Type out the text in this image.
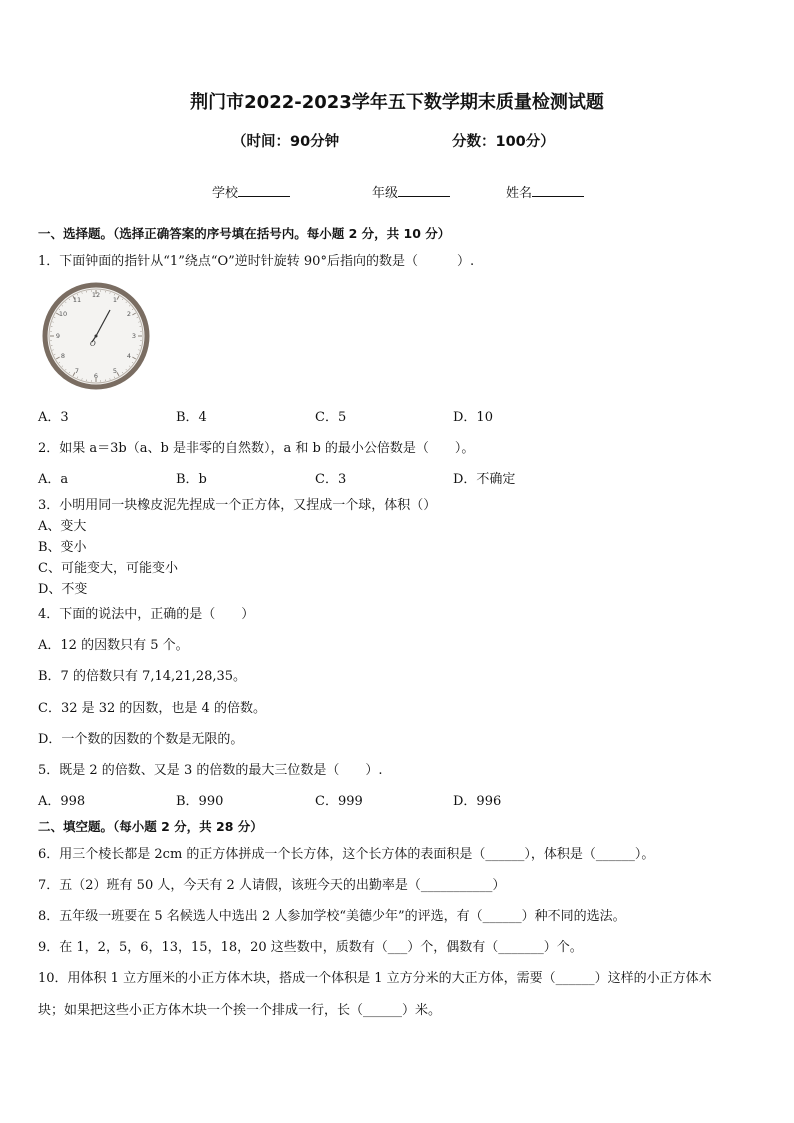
荆门市2022-2023学年五下数学期末质量检测试题
（时间：90分钟	分数：100分）
学校	年级	姓名
一、选择题。（选择正确答案的序号填在括号内。每小题 2 分，共 10 分）
1．下面钟面的指针从“1”绕点“O”逆时针旋转 90°后指向的数是（　　　）.
12
1
2
3
4
5
6
7
8
9
10
11
O
A．3	B．4	C．5	D．10
2．如果 a＝3b（a、b 是非零的自然数），a 和 b 的最小公倍数是（　　）。
A．a	B．b	C．3	D．不确定
3．小明用同一块橡皮泥先捏成一个正方体，又捏成一个球，体积（）
A、变大
B、变小
C、可能变大，可能变小
D、不变
4．下面的说法中，正确的是（　　）
A．12 的因数只有 5 个。
B．7 的倍数只有 7,14,21,28,35。
C．32 是 32 的因数，也是 4 的倍数。
D．一个数的因数的个数是无限的。
5．既是 2 的倍数、又是 3 的倍数的最大三位数是（　　）.
A．998	B．990	C．999	D．996
二、填空题。（每小题 2 分，共 28 分）
6．用三个棱长都是 2cm 的正方体拼成一个长方体，这个长方体的表面积是（______），体积是（______）。
7．五（2）班有 50 人，今天有 2 人请假，该班今天的出勤率是（___________）
8．五年级一班要在 5 名候选人中选出 2 人参加学校“美德少年”的评选，有（______）种不同的选法。
9．在 1，2，5，6，13，15，18，20 这些数中，质数有（___）个，偶数有（_______）个。
10．用体积 1 立方厘米的小正方体木块，搭成一个体积是 1 立方分米的大正方体，需要（______）这样的小正方体木
块；如果把这些小正方体木块一个挨一个排成一行，长（______）米。
